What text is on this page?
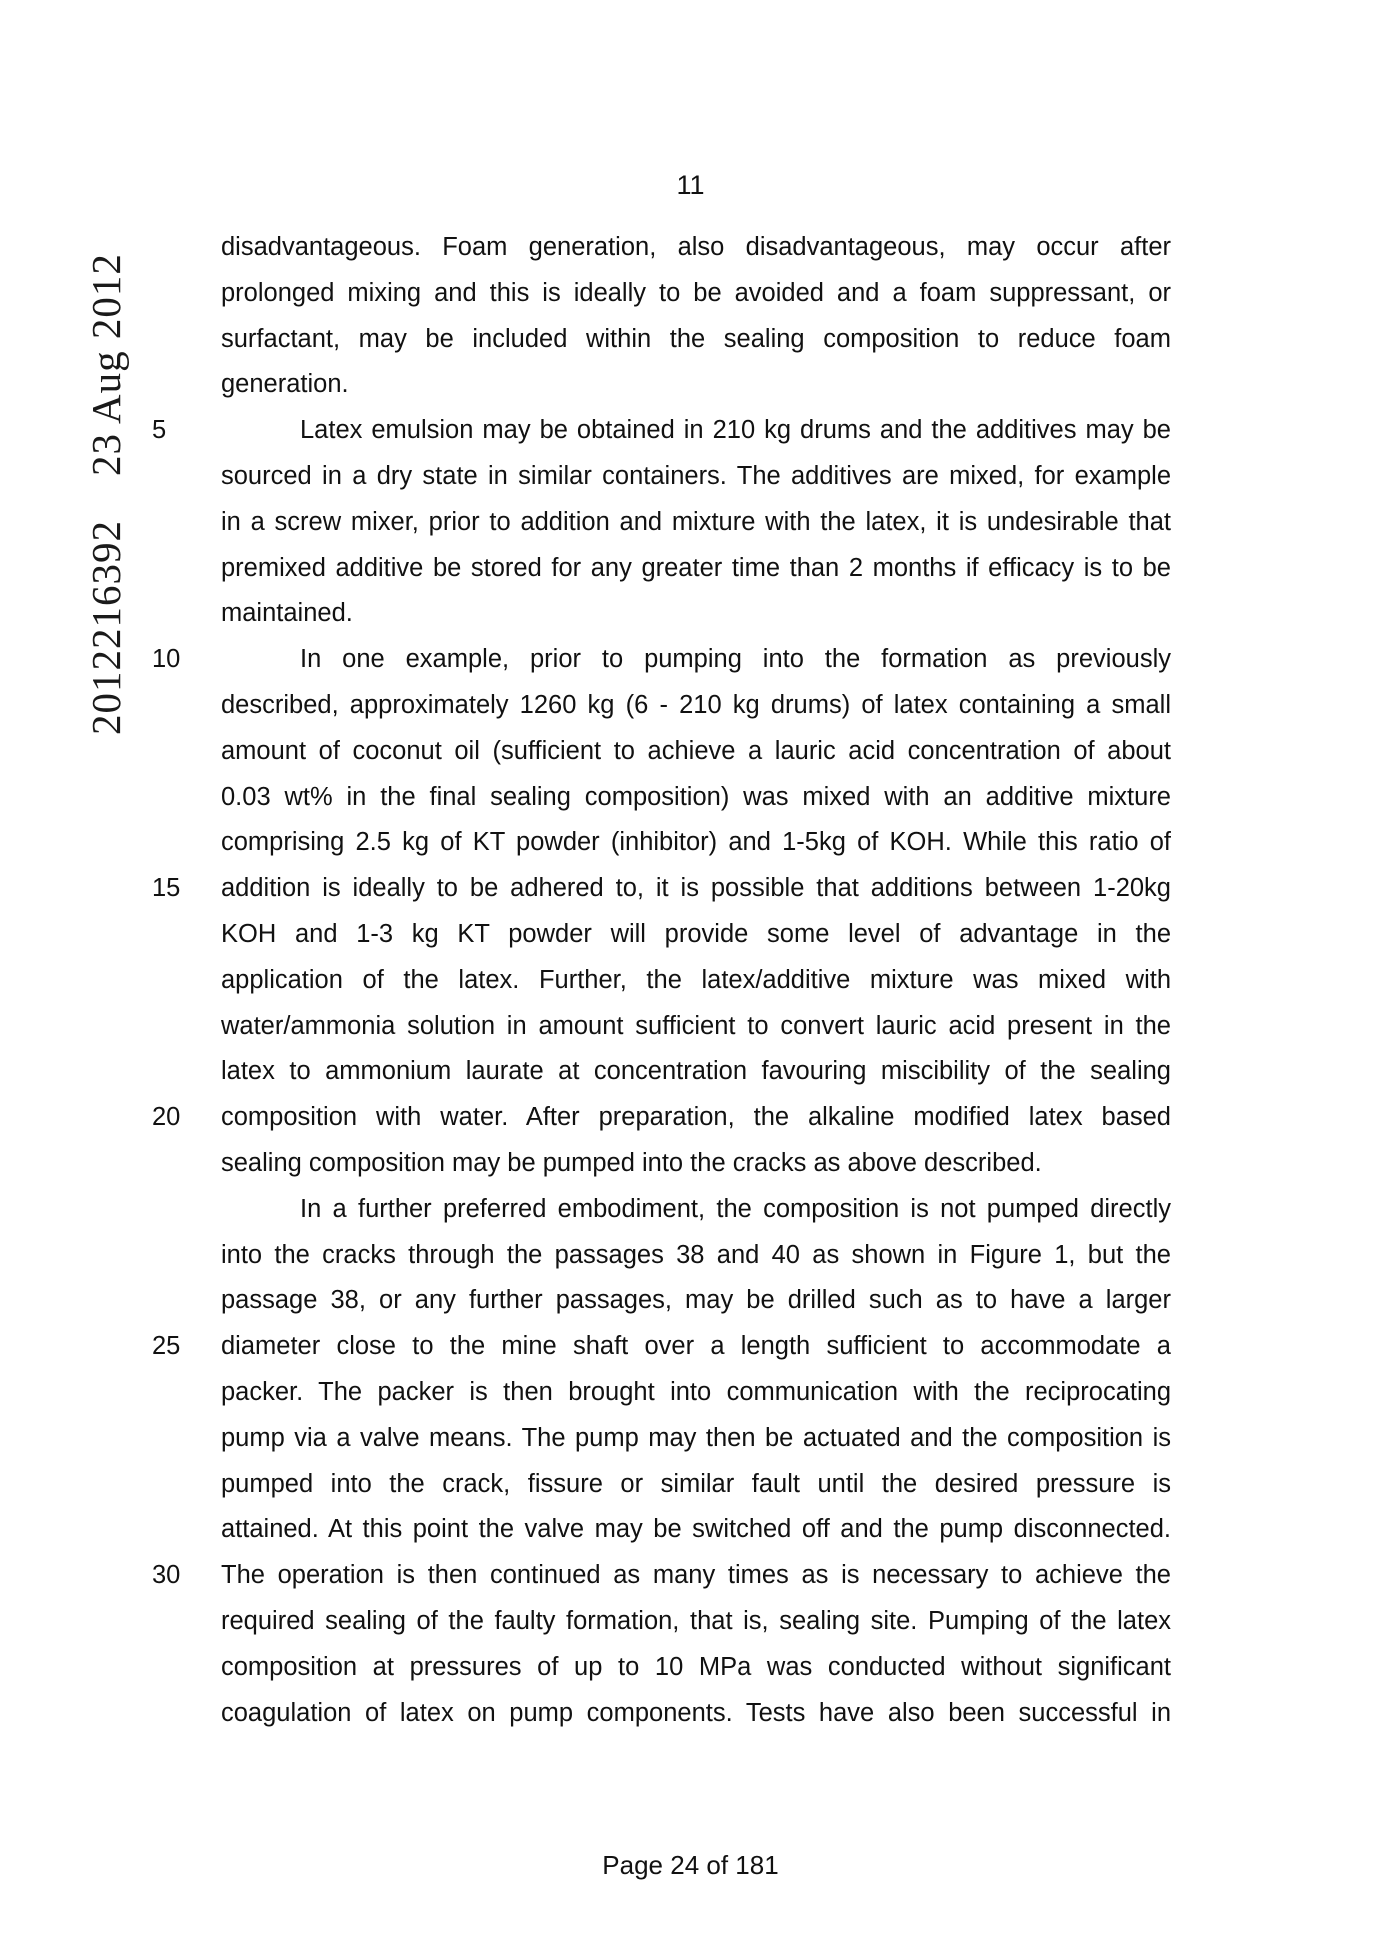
201221639223 Aug 2012
11
disadvantageous. Foam generation, also disadvantageous, may occur after
prolonged mixing and this is ideally to be avoided and a foam suppressant, or
surfactant, may be included within the sealing composition to reduce foam
generation.
5	Latex emulsion may be obtained in 210 kg drums and the additives may be
sourced in a dry state in similar containers. The additives are mixed, for example
in a screw mixer, prior to addition and mixture with the latex, it is undesirable that
premixed additive be stored for any greater time than 2 months if efficacy is to be
maintained.
10	In one example, prior to pumping into the formation as previously
described, approximately 1260 kg (6 - 210 kg drums) of latex containing a small
amount of coconut oil (sufficient to achieve a lauric acid concentration of about
0.03 wt% in the final sealing composition) was mixed with an additive mixture
comprising 2.5 kg of KT powder (inhibitor) and 1-5kg of KOH. While this ratio of
15	addition is ideally to be adhered to, it is possible that additions between 1-20kg
KOH and 1-3 kg KT powder will provide some level of advantage in the
application of the latex. Further, the latex/additive mixture was mixed with
water/ammonia solution in amount sufficient to convert lauric acid present in the
latex to ammonium laurate at concentration favouring miscibility of the sealing
20	composition with water. After preparation, the alkaline modified latex based
sealing composition may be pumped into the cracks as above described.
In a further preferred embodiment, the composition is not pumped directly
into the cracks through the passages 38 and 40 as shown in Figure 1, but the
passage 38, or any further passages, may be drilled such as to have a larger
25	diameter close to the mine shaft over a length sufficient to accommodate a
packer. The packer is then brought into communication with the reciprocating
pump via a valve means. The pump may then be actuated and the composition is
pumped into the crack, fissure or similar fault until the desired pressure is
attained. At this point the valve may be switched off and the pump disconnected.
30	The operation is then continued as many times as is necessary to achieve the
required sealing of the faulty formation, that is, sealing site. Pumping of the latex
composition at pressures of up to 10 MPa was conducted without significant
coagulation of latex on pump components. Tests have also been successful in
Page 24 of 181
